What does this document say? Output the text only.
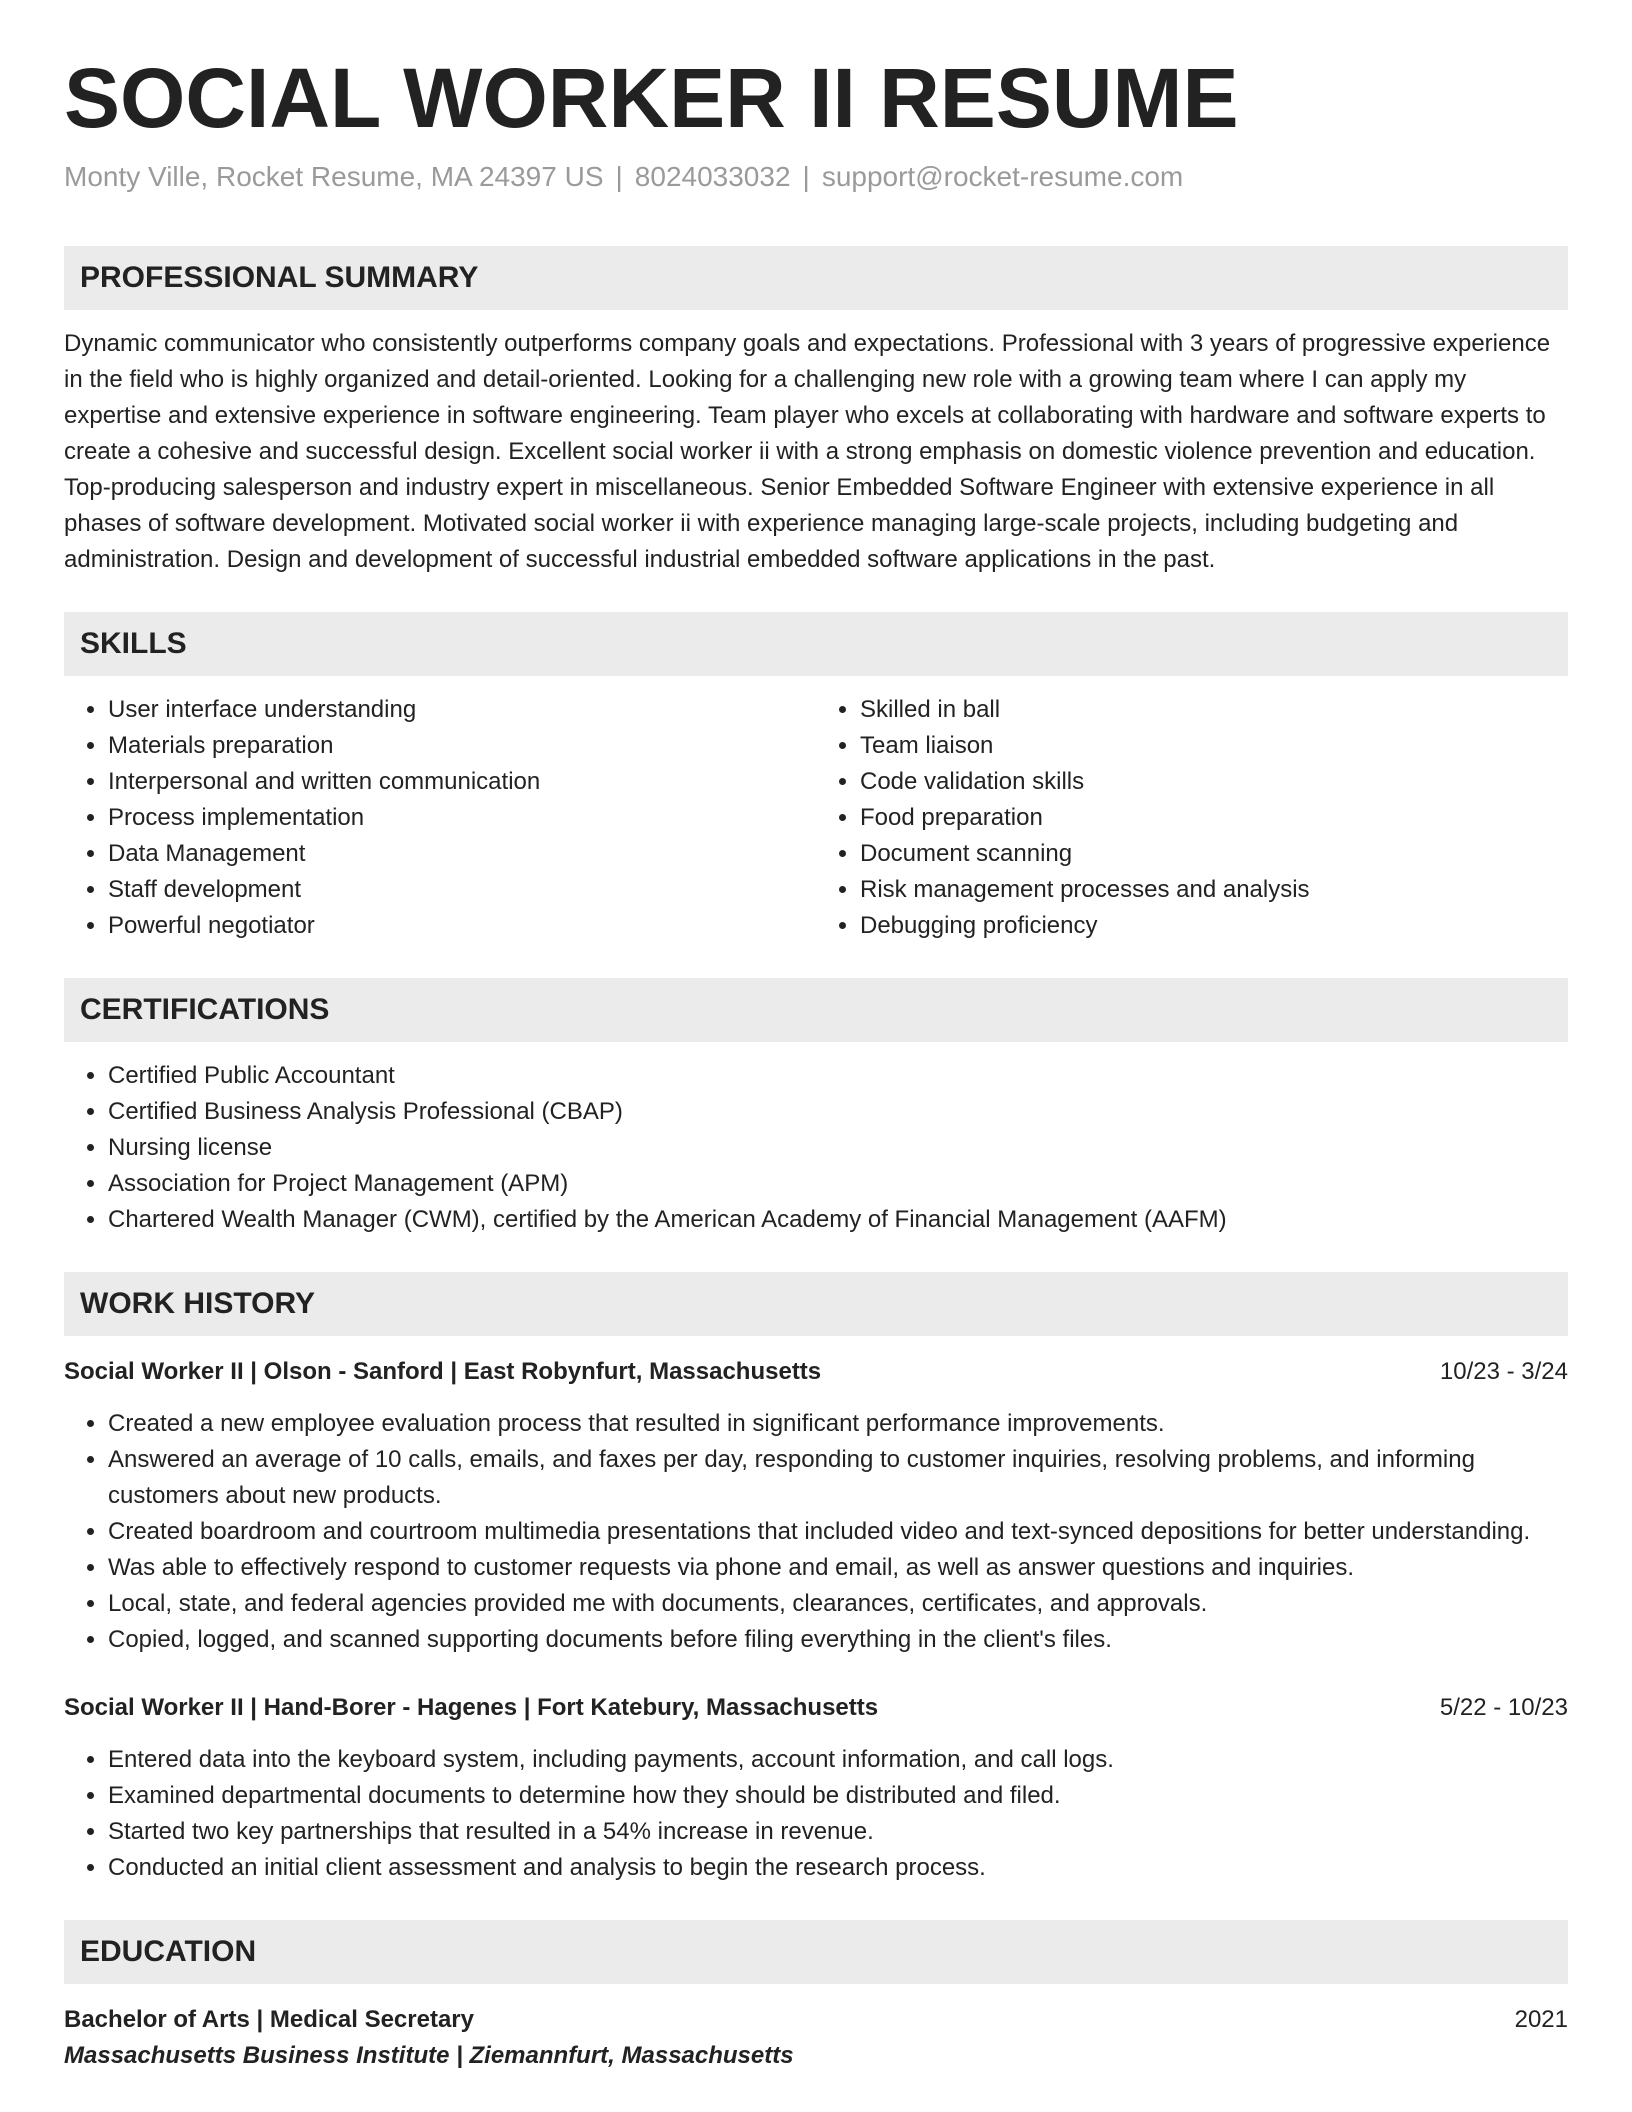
SOCIAL WORKER II RESUME
Monty Ville, Rocket Resume, MA 24397 US | 8024033032 | support@rocket-resume.com
PROFESSIONAL SUMMARY
Dynamic communicator who consistently outperforms company goals and expectations. Professional with 3 years of progressive experience in the field who is highly organized and detail-oriented. Looking for a challenging new role with a growing team where I can apply my expertise and extensive experience in software engineering. Team player who excels at collaborating with hardware and software experts to create a cohesive and successful design. Excellent social worker ii with a strong emphasis on domestic violence prevention and education. Top-producing salesperson and industry expert in miscellaneous. Senior Embedded Software Engineer with extensive experience in all phases of software development. Motivated social worker ii with experience managing large-scale projects, including budgeting and administration. Design and development of successful industrial embedded software applications in the past.
SKILLS
• User interface understanding
• Materials preparation
• Interpersonal and written communication
• Process implementation
• Data Management
• Staff development
• Powerful negotiator
• Skilled in ball
• Team liaison
• Code validation skills
• Food preparation
• Document scanning
• Risk management processes and analysis
• Debugging proficiency
CERTIFICATIONS
• Certified Public Accountant
• Certified Business Analysis Professional (CBAP)
• Nursing license
• Association for Project Management (APM)
• Chartered Wealth Manager (CWM), certified by the American Academy of Financial Management (AAFM)
WORK HISTORY
Social Worker II | Olson - Sanford | East Robynfurt, Massachusetts	10/23 - 3/24
• Created a new employee evaluation process that resulted in significant performance improvements.
• Answered an average of 10 calls, emails, and faxes per day, responding to customer inquiries, resolving problems, and informing customers about new products.
• Created boardroom and courtroom multimedia presentations that included video and text-synced depositions for better understanding.
• Was able to effectively respond to customer requests via phone and email, as well as answer questions and inquiries.
• Local, state, and federal agencies provided me with documents, clearances, certificates, and approvals.
• Copied, logged, and scanned supporting documents before filing everything in the client's files.
Social Worker II | Hand-Borer - Hagenes | Fort Katebury, Massachusetts	5/22 - 10/23
• Entered data into the keyboard system, including payments, account information, and call logs.
• Examined departmental documents to determine how they should be distributed and filed.
• Started two key partnerships that resulted in a 54% increase in revenue.
• Conducted an initial client assessment and analysis to begin the research process.
EDUCATION
Bachelor of Arts | Medical Secretary	2021
Massachusetts Business Institute | Ziemannfurt, Massachusetts
